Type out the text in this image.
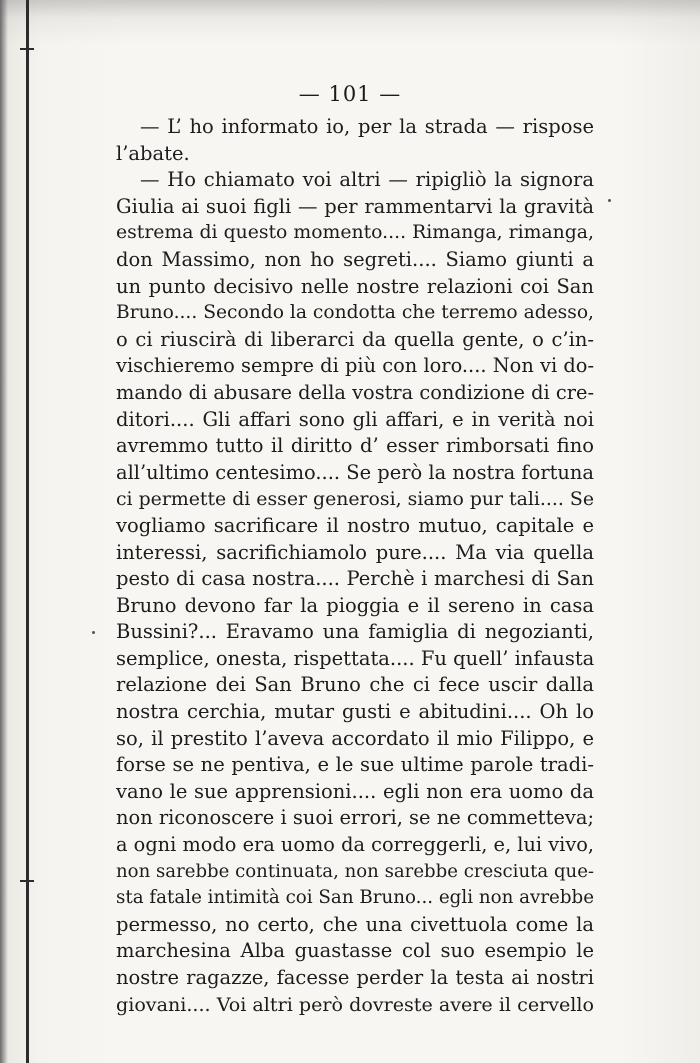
— 101 —
— L’ ho informato io, per la strada — rispose
l’abate.
— Ho chiamato voi altri — ripigliò la signora
Giulia ai suoi figli — per rammentarvi la gravità
estrema di questo momento.... Rimanga, rimanga,
don Massimo, non ho segreti.... Siamo giunti a
un punto decisivo nelle nostre relazioni coi San
Bruno.... Secondo la condotta che terremo adesso,
o ci riuscirà di liberarci da quella gente, o c’in-
vischieremo sempre di più con loro.... Non vi do-
mando di abusare della vostra condizione di cre-
ditori.... Gli affari sono gli affari, e in verità noi
avremmo tutto il diritto d’ esser rimborsati fino
all’ultimo centesimo.... Se però la nostra fortuna
ci permette di esser generosi, siamo pur tali.... Se
vogliamo sacrificare il nostro mutuo, capitale e
interessi, sacrifichiamolo pure.... Ma via quella
pesto di casa nostra.... Perchè i marchesi di San
Bruno devono far la pioggia e il sereno in casa
Bussini?... Eravamo una famiglia di negozianti,
semplice, onesta, rispettata.... Fu quell’ infausta
relazione dei San Bruno che ci fece uscir dalla
nostra cerchia, mutar gusti e abitudini.... Oh lo
so, il prestito l’aveva accordato il mio Filippo, e
forse se ne pentiva, e le sue ultime parole tradi-
vano le sue apprensioni.... egli non era uomo da
non riconoscere i suoi errori, se ne commetteva;
a ogni modo era uomo da correggerli, e, lui vivo,
non sarebbe continuata, non sarebbe cresciuta que-
sta fatale intimità coi San Bruno... egli non avrebbe
permesso, no certo, che una civettuola come la
marchesina Alba guastasse col suo esempio le
nostre ragazze, facesse perder la testa ai nostri
giovani.... Voi altri però dovreste avere il cervello
